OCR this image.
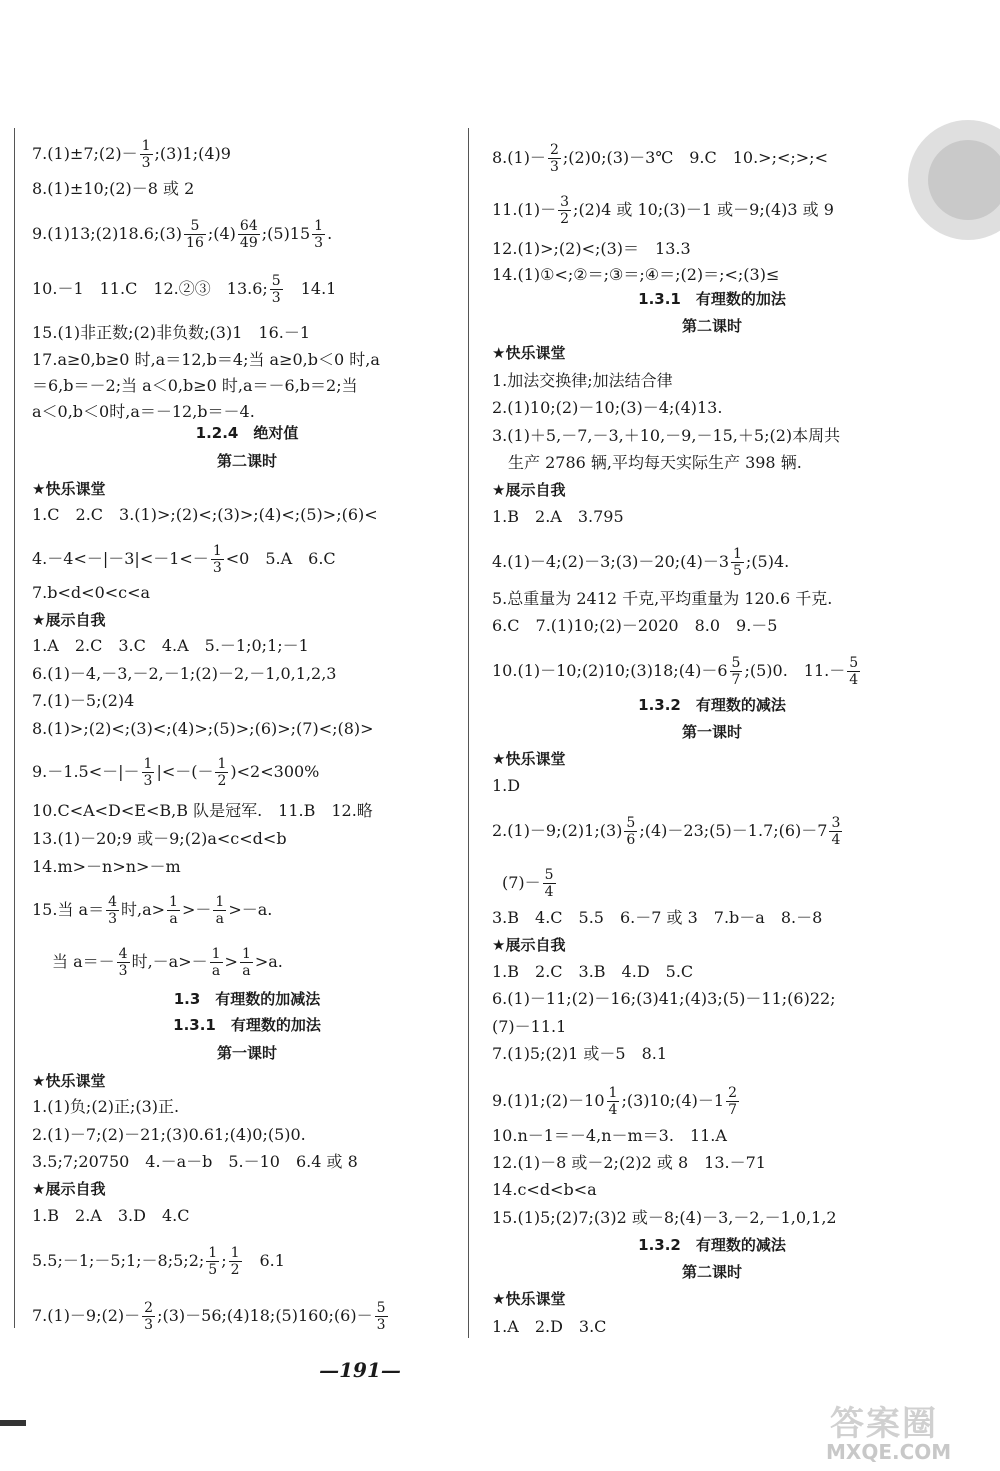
7.(1)±7;(2)－ $\frac{1}{3}$ ;(3)1;(4)9
8.(1)±10;(2)－8 或 2
9.(1)13;(2)18.6;(3) $\frac{5}{16}$ ;(4) $\frac{64}{49}$ ;(5)15 $\frac{1}{3}$ .
10.－1　11.C　12.②③　13.6; $\frac{5}{3}$ 　14.1
15.(1)非正数;(2)非负数;(3)1　16.－1
17.a≥0,b≥0 时,a＝12,b＝4;当 a≥0,b＜0 时,a
＝6,b＝－2;当 a＜0,b≥0 时,a＝－6,b＝2;当
a＜0,b＜0时,a＝－12,b＝－4.
1.2.4　绝对值
第二课时
★快乐课堂
1.C　2.C　3.(1)>;(2)<;(3)>;(4)<;(5)>;(6)<
$4.-4<-|-3|<-1<- \frac{1}{3} <0$　5.A　6.C
7.b<d<0<c<a
★展示自我
1.A　2.C　3.C　4.A　5.－1;0;1;－1
6.(1)－4,－3,－2,－1;(2)－2,－1,0,1,2,3
7.(1)－5;(2)4
8.(1)>;(2)<;(3)<;(4)>;(5)>;(6)>;(7)<;(8)>
$9.-1.5<-|- \frac{1}{3}$ |<－(－ $\frac{1}{2} )<2<300\%$
10.C<A<D<E<B,B 队是冠军.　11.B　12.略
13.(1)－20;9 或－9;(2)a<c<d<b
14.m>－n>n>－m
15.当 $a= \frac{4}{3}$ 时$,a> \frac{1}{a} >- \frac{1}{a} >-a$.
当 $a=- \frac{4}{3}$ 时$,-a>- \frac{1}{a} > \frac{1}{a} >a$.
1.3　有理数的加减法
1.3.1　有理数的加法
第一课时
★快乐课堂
1.(1)负;(2)正;(3)正.
2.(1)－7;(2)－21;(3)0.61;(4)0;(5)0.
3.5;7;20750　4.－a－b　5.－10　6.4 或 8
★展示自我
1.B　2.A　3.D　4.C
5.5;－1;－5;1;－8;5;2; $\frac{1}{5}$ ; $\frac{1}{2}$ 　6.1
7.(1)－9;(2)－ $\frac{2}{3}$ ;(3)－56;(4)18;(5)160;(6)－ $\frac{5}{3}$
$8.(1)- \frac{2}{3}$ ;(2)0;(3)－3℃　9.C　10.>;<;>;<
$11.(1)- \frac{3}{2}$ ;(2)4 或 10;(3)－1 或－9;(4)3 或 9
12.(1)>;(2)<;(3)＝　13.3
14.(1)①<;②＝;③＝;④＝;(2)＝;<;(3)≤
1.3.1　有理数的加法
第二课时
★快乐课堂
1.加法交换律;加法结合律
2.(1)10;(2)－10;(3)－4;(4)13.
3.(1)＋5,－7,－3,＋10,－9,－15,＋5;(2)本周共
生产 2786 辆,平均每天实际生产 398 辆.
★展示自我
1.B　2.A　3.795
4.(1)－4;(2)－3;(3)－20;(4)－3 $\frac{1}{5}$ ;(5)4.
5.总重量为 2412 千克,平均重量为 120.6 千克.
6.C　7.(1)10;(2)－2020　8.0　9.－5
10.(1)－10;(2)10;(3)18;(4)－6 $\frac{5}{7}$ ;(5)0.　$11.- \frac{5}{4}$
1.3.2　有理数的减法
第一课时
★快乐课堂
1.D
2.(1)－9;(2)1;(3) $\frac{5}{6}$ ;(4)－23;(5)－1.7;(6)－7 $\frac{3}{4}$
$(7)- \frac{5}{4}$
3.B　4.C　5.5　6.－7 或 3　7.b－a　8.－8
★展示自我
1.B　2.C　3.B　4.D　5.C
6.(1)－11;(2)－16;(3)41;(4)3;(5)－11;(6)22;
(7)－11.1
7.(1)5;(2)1 或－5　8.1
9.(1)1;(2)－10 $\frac{1}{4}$ ;(3)10;(4)－1 $\frac{2}{7}$
10.n－1＝－4,n－m＝3.　11.A
12.(1)－8 或－2;(2)2 或 8　13.－71
14.c<d<b<a
15.(1)5;(2)7;(3)2 或－8;(4)－3,－2,－1,0,1,2
1.3.2　有理数的减法
第二课时
★快乐课堂
1.A　2.D　3.C
—191—
答案圈
MXQE.COM
